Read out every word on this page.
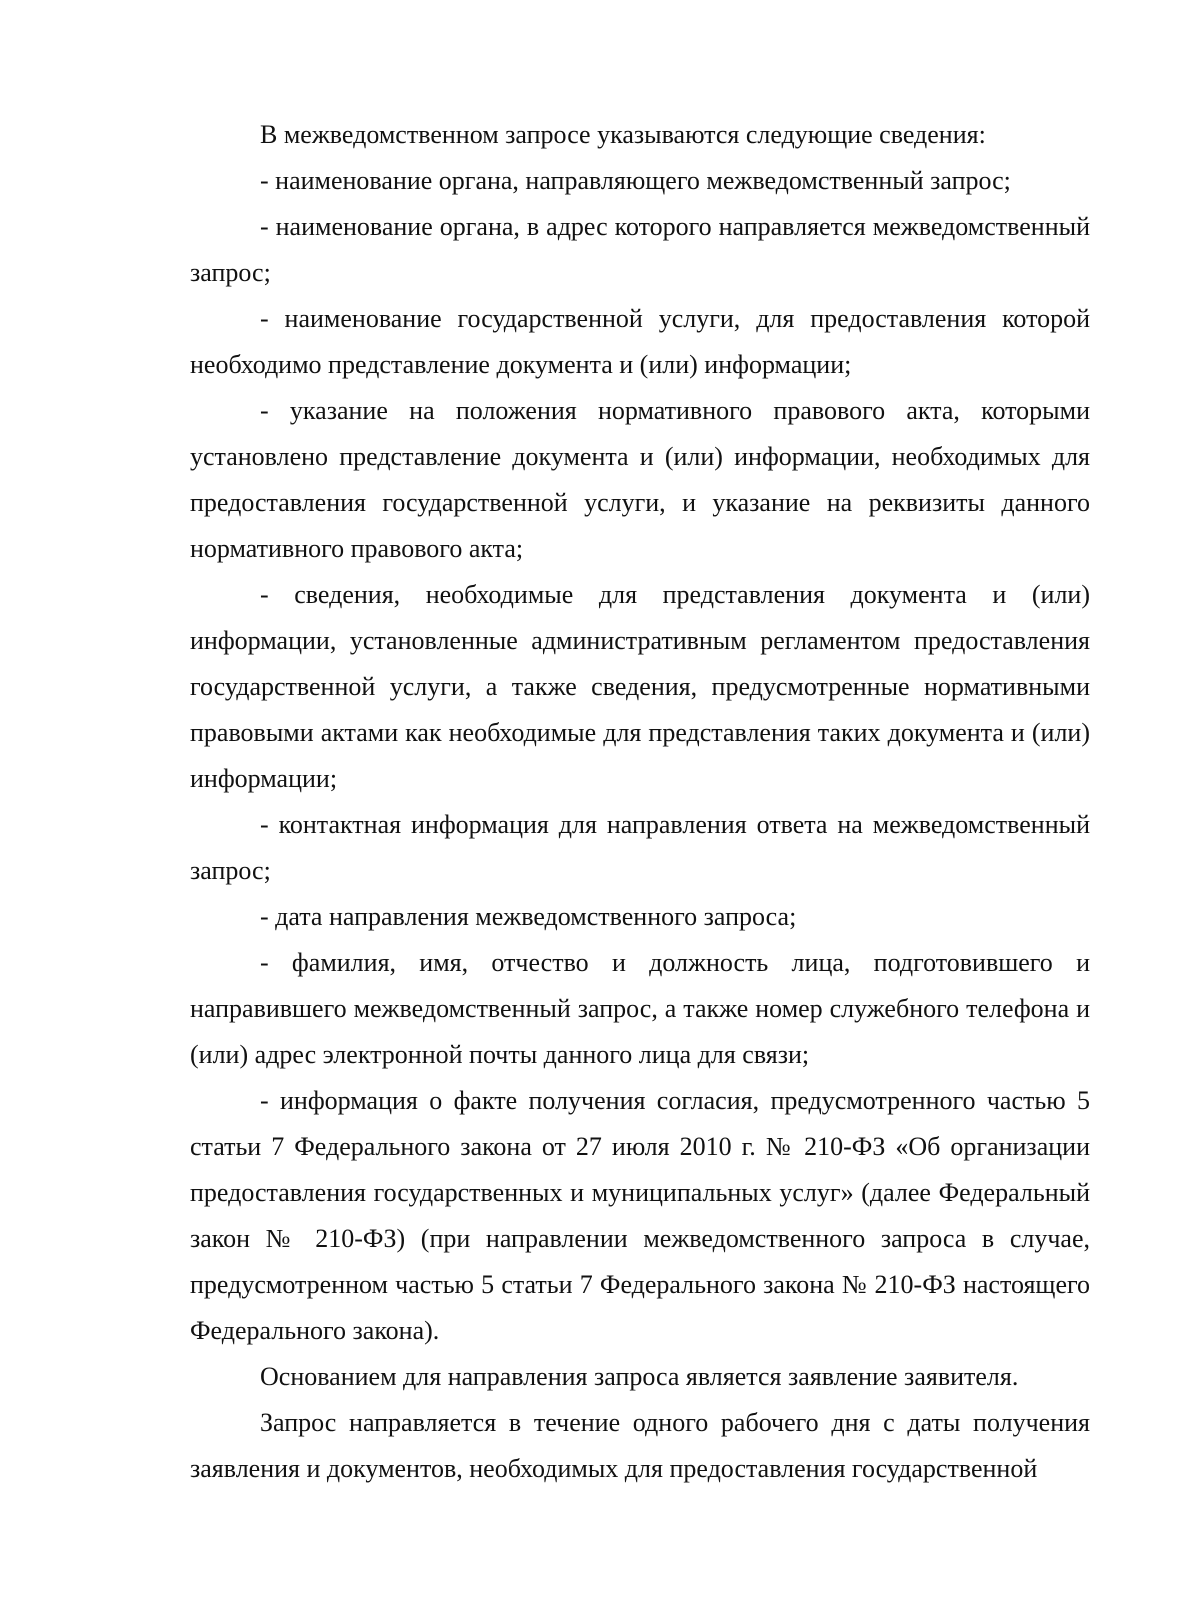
В межведомственном запросе указываются следующие сведения:

- наименование органа, направляющего межведомственный запрос;

- наименование органа, в адрес которого направляется межведомственный запрос;

- наименование государственной услуги, для предоставления которой необходимо представление документа и (или) информации;

- указание на положения нормативного правового акта, которыми установлено представление документа и (или) информации, необходимых для предоставления государственной услуги, и указание на реквизиты данного нормативного правового акта;

- сведения, необходимые для представления документа и (или) информации, установленные административным регламентом предоставления государственной услуги, а также сведения, предусмотренные нормативными правовыми актами как необходимые для представления таких документа и (или) информации;

- контактная информация для направления ответа на межведомственный запрос;

- дата направления межведомственного запроса;

- фамилия, имя, отчество и должность лица, подготовившего и направившего межведомственный запрос, а также номер служебного телефона и (или) адрес электронной почты данного лица для связи;

- информация о факте получения согласия, предусмотренного частью 5 статьи 7 Федерального закона от 27 июля 2010 г. № 210-ФЗ «Об организации предоставления государственных и муниципальных услуг» (далее Федеральный закон № 210-ФЗ) (при направлении межведомственного запроса в случае, предусмотренном частью 5 статьи 7 Федерального закона № 210-ФЗ настоящего Федерального закона).

Основанием для направления запроса является заявление заявителя.

Запрос направляется в течение одного рабочего дня с даты получения заявления и документов, необходимых для предоставления государственной
